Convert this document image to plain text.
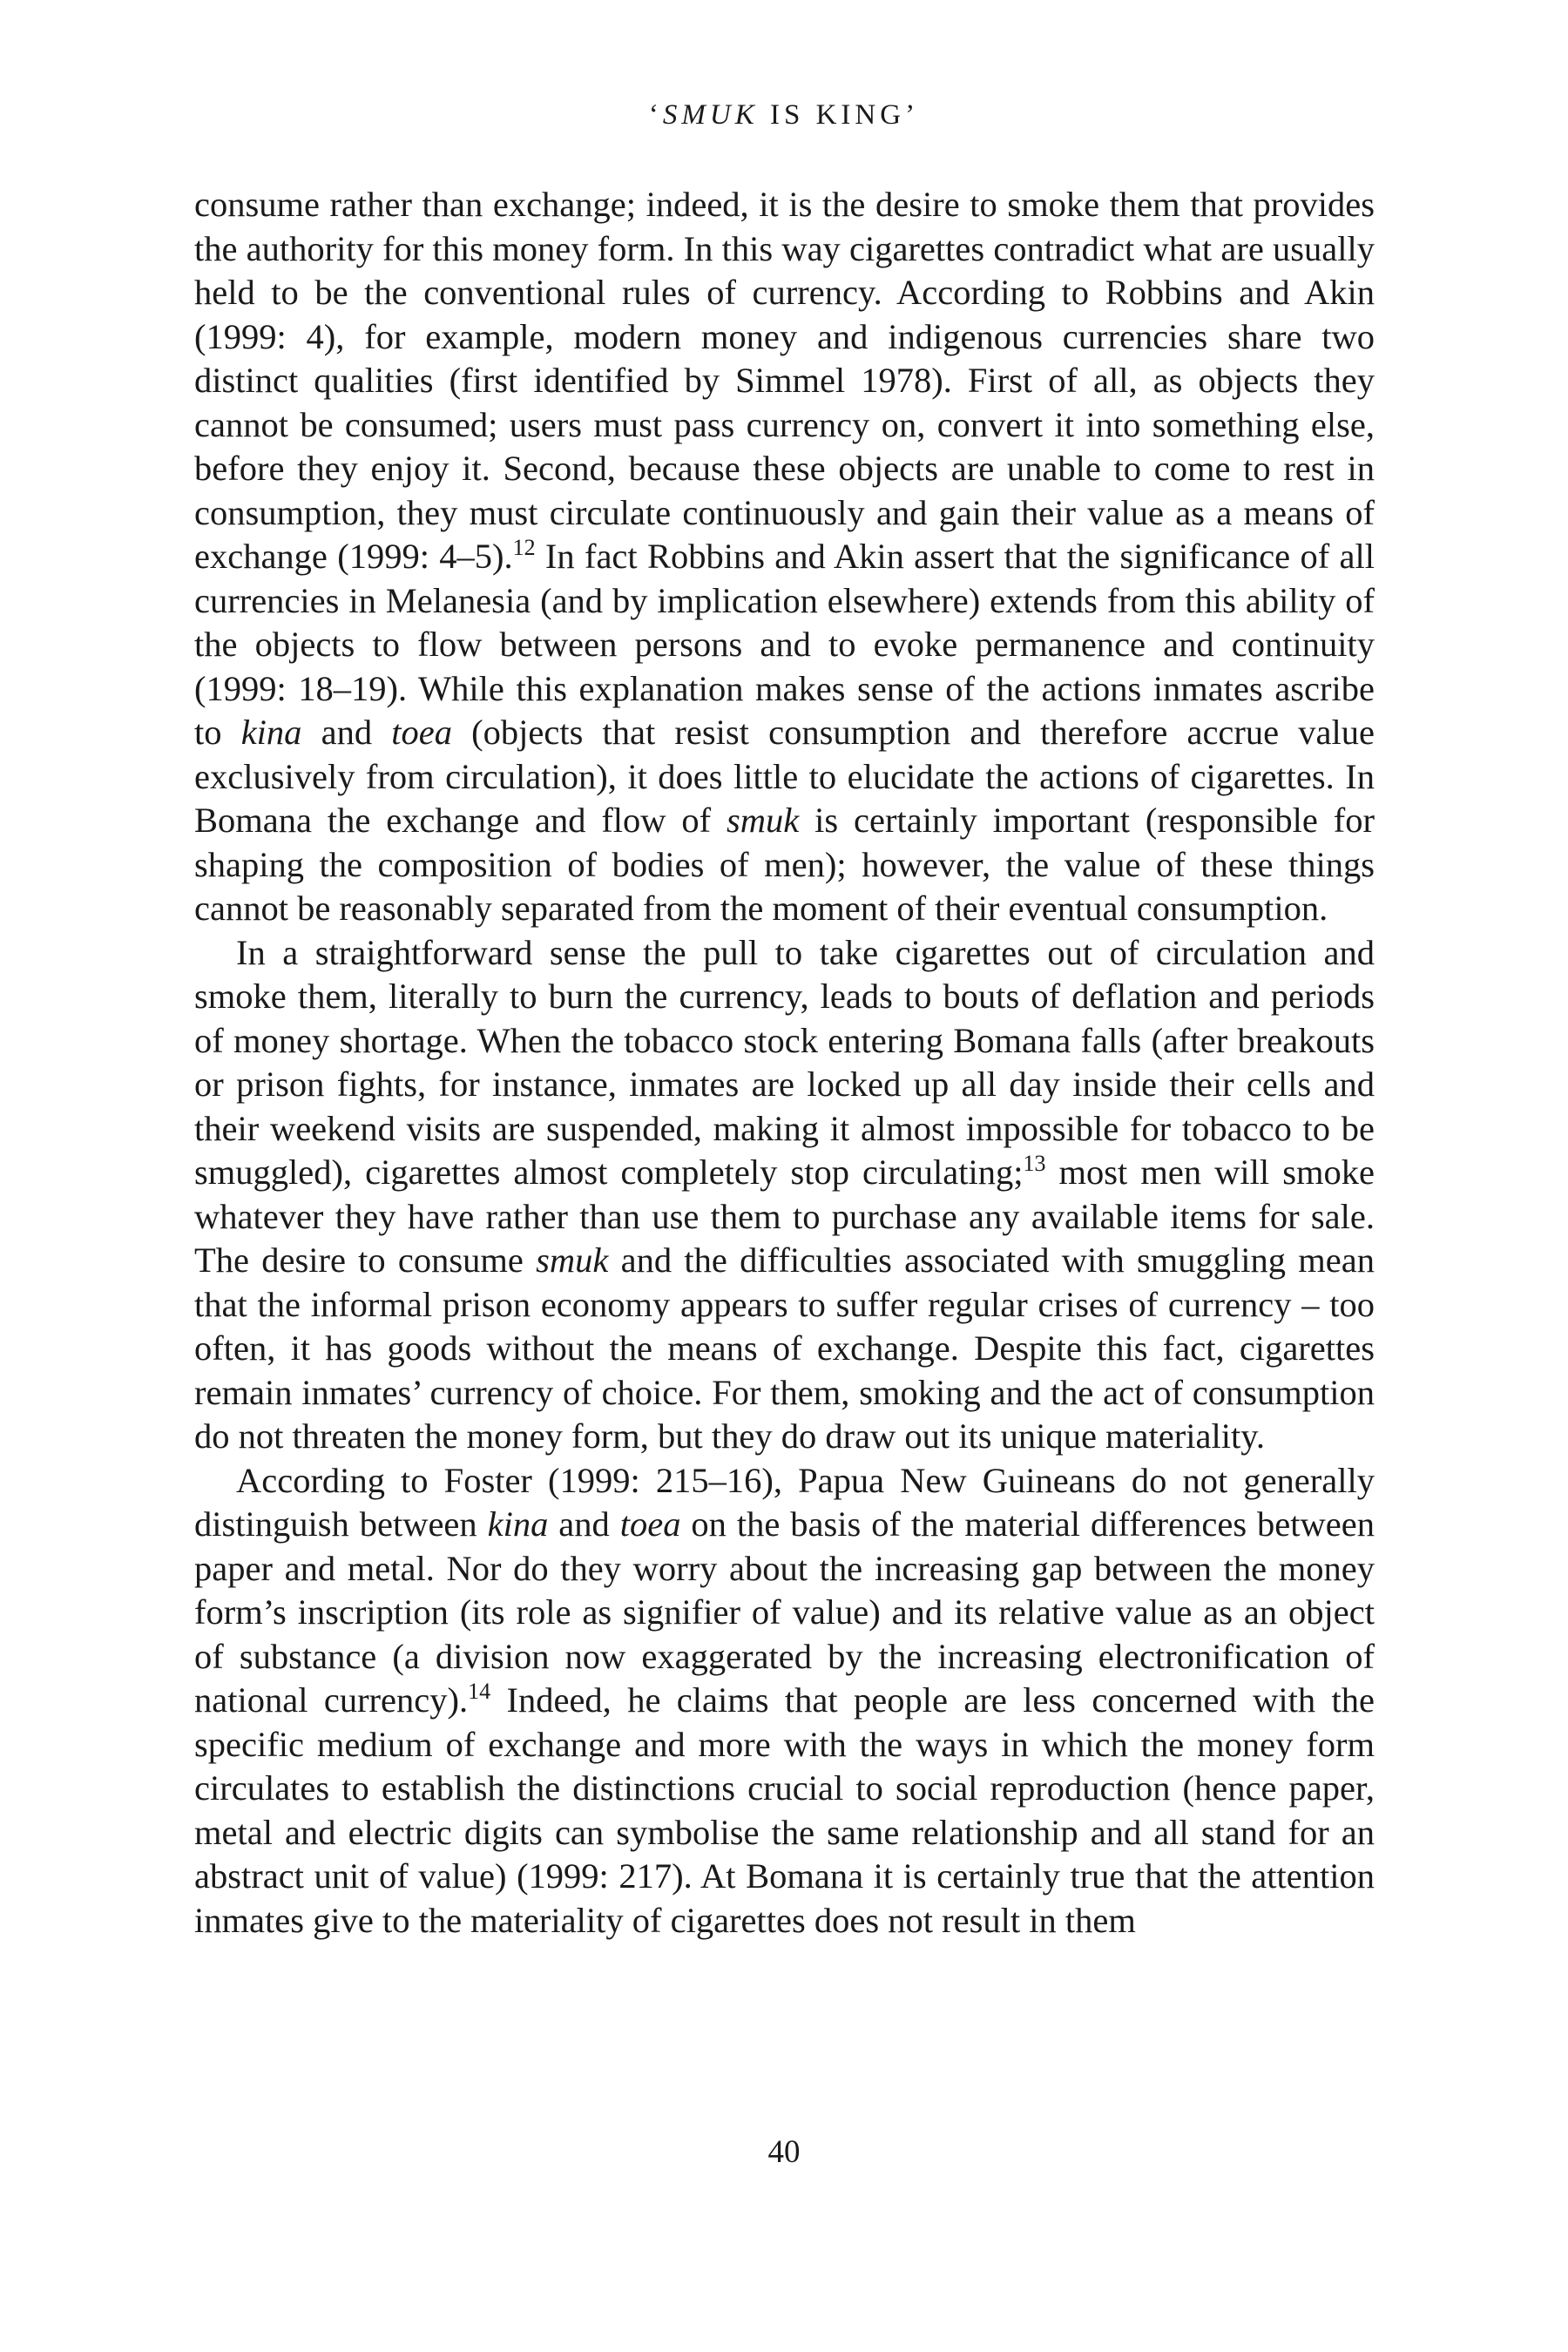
‘SMUK IS KING’

consume rather than exchange; indeed, it is the desire to smoke them that provides the authority for this money form. In this way cigarettes contradict what are usually held to be the conventional rules of currency. According to Robbins and Akin (1999: 4), for example, modern money and indigenous currencies share two distinct qualities (first identified by Simmel 1978). First of all, as objects they cannot be consumed; users must pass currency on, convert it into something else, before they enjoy it. Second, because these objects are unable to come to rest in consumption, they must circulate continuously and gain their value as a means of exchange (1999: 4–5).$^{12}$ In fact Robbins and Akin assert that the significance of all currencies in Melanesia (and by implication elsewhere) extends from this ability of the objects to flow between persons and to evoke permanence and continuity (1999: 18–19). While this explanation makes sense of the actions inmates ascribe to kina and toea (objects that resist consumption and therefore accrue value exclusively from circulation), it does little to elucidate the actions of cigarettes. In Bomana the exchange and flow of smuk is certainly important (responsible for shaping the composition of bodies of men); however, the value of these things cannot be reasonably separated from the moment of their eventual consumption.

In a straightforward sense the pull to take cigarettes out of circulation and smoke them, literally to burn the currency, leads to bouts of deflation and periods of money shortage. When the tobacco stock entering Bomana falls (after breakouts or prison fights, for instance, inmates are locked up all day inside their cells and their weekend visits are suspended, making it almost impossible for tobacco to be smuggled), cigarettes almost completely stop circulating;$^{13}$ most men will smoke whatever they have rather than use them to purchase any available items for sale. The desire to consume smuk and the difficulties associated with smuggling mean that the informal prison economy appears to suffer regular crises of currency – too often, it has goods without the means of exchange. Despite this fact, cigarettes remain inmates’ currency of choice. For them, smoking and the act of consumption do not threaten the money form, but they do draw out its unique materiality.

According to Foster (1999: 215–16), Papua New Guineans do not generally distinguish between kina and toea on the basis of the material differences between paper and metal. Nor do they worry about the increasing gap between the money form’s inscription (its role as signifier of value) and its relative value as an object of substance (a division now exaggerated by the increasing electronification of national currency).$^{14}$ Indeed, he claims that people are less concerned with the specific medium of exchange and more with the ways in which the money form circulates to establish the distinctions crucial to social reproduction (hence paper, metal and electric digits can symbolise the same relationship and all stand for an abstract unit of value) (1999: 217). At Bomana it is certainly true that the attention inmates give to the materiality of cigarettes does not result in them

40
